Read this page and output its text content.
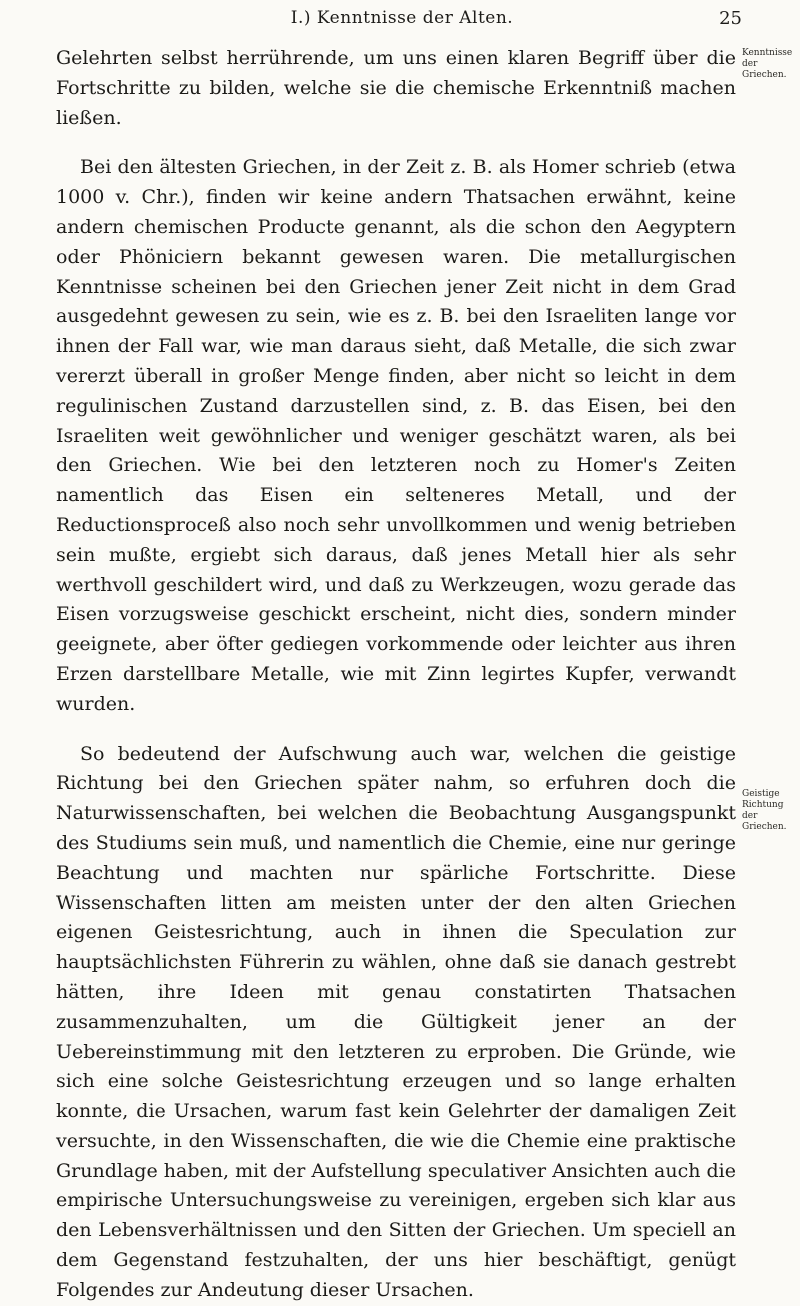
I.) Kenntnisse der Alten.	25

Gelehrten selbst herrührende, um uns einen klaren Begriff über die Fortschritte zu bilden, welche sie die chemische Erkenntniß machen ließen.

Bei den ältesten Griechen, in der Zeit z. B. als Homer schrieb (etwa 1000 v. Chr.), finden wir keine andern Thatsachen erwähnt, keine andern chemischen Producte genannt, als die schon den Aegyptern oder Phöniciern bekannt gewesen waren. Die metallurgischen Kenntnisse scheinen bei den Griechen jener Zeit nicht in dem Grad ausgedehnt gewesen zu sein, wie es z. B. bei den Israeliten lange vor ihnen der Fall war, wie man daraus sieht, daß Metalle, die sich zwar vererzt überall in großer Menge finden, aber nicht so leicht in dem regulinischen Zustand darzustellen sind, z. B. das Eisen, bei den Israeliten weit gewöhnlicher und weniger geschätzt waren, als bei den Griechen. Wie bei den letzteren noch zu Homer's Zeiten namentlich das Eisen ein selteneres Metall, und der Reductionsproceß also noch sehr unvollkommen und wenig betrieben sein mußte, ergiebt sich daraus, daß jenes Metall hier als sehr werthvoll geschildert wird, und daß zu Werkzeugen, wozu gerade das Eisen vorzugsweise geschickt erscheint, nicht dies, sondern minder geeignete, aber öfter gediegen vorkommende oder leichter aus ihren Erzen darstellbare Metalle, wie mit Zinn legirtes Kupfer, verwandt wurden.

So bedeutend der Aufschwung auch war, welchen die geistige Richtung bei den Griechen später nahm, so erfuhren doch die Naturwissenschaften, bei welchen die Beobachtung Ausgangspunkt des Studiums sein muß, und namentlich die Chemie, eine nur geringe Beachtung und machten nur spärliche Fortschritte. Diese Wissenschaften litten am meisten unter der den alten Griechen eigenen Geistesrichtung, auch in ihnen die Speculation zur hauptsächlichsten Führerin zu wählen, ohne daß sie danach gestrebt hätten, ihre Ideen mit genau constatirten Thatsachen zusammenzuhalten, um die Gültigkeit jener an der Uebereinstimmung mit den letzteren zu erproben. Die Gründe, wie sich eine solche Geistesrichtung erzeugen und so lange erhalten konnte, die Ursachen, warum fast kein Gelehrter der damaligen Zeit versuchte, in den Wissenschaften, die wie die Chemie eine praktische Grundlage haben, mit der Aufstellung speculativer Ansichten auch die empirische Untersuchungsweise zu vereinigen, ergeben sich klar aus den Lebensverhältnissen und den Sitten der Griechen. Um speciell an dem Gegenstand festzuhalten, der uns hier beschäftigt, genügt Folgendes zur Andeutung dieser Ursachen.

Kenntnisse der Griechen.
Geistige Richtung der Griechen.
